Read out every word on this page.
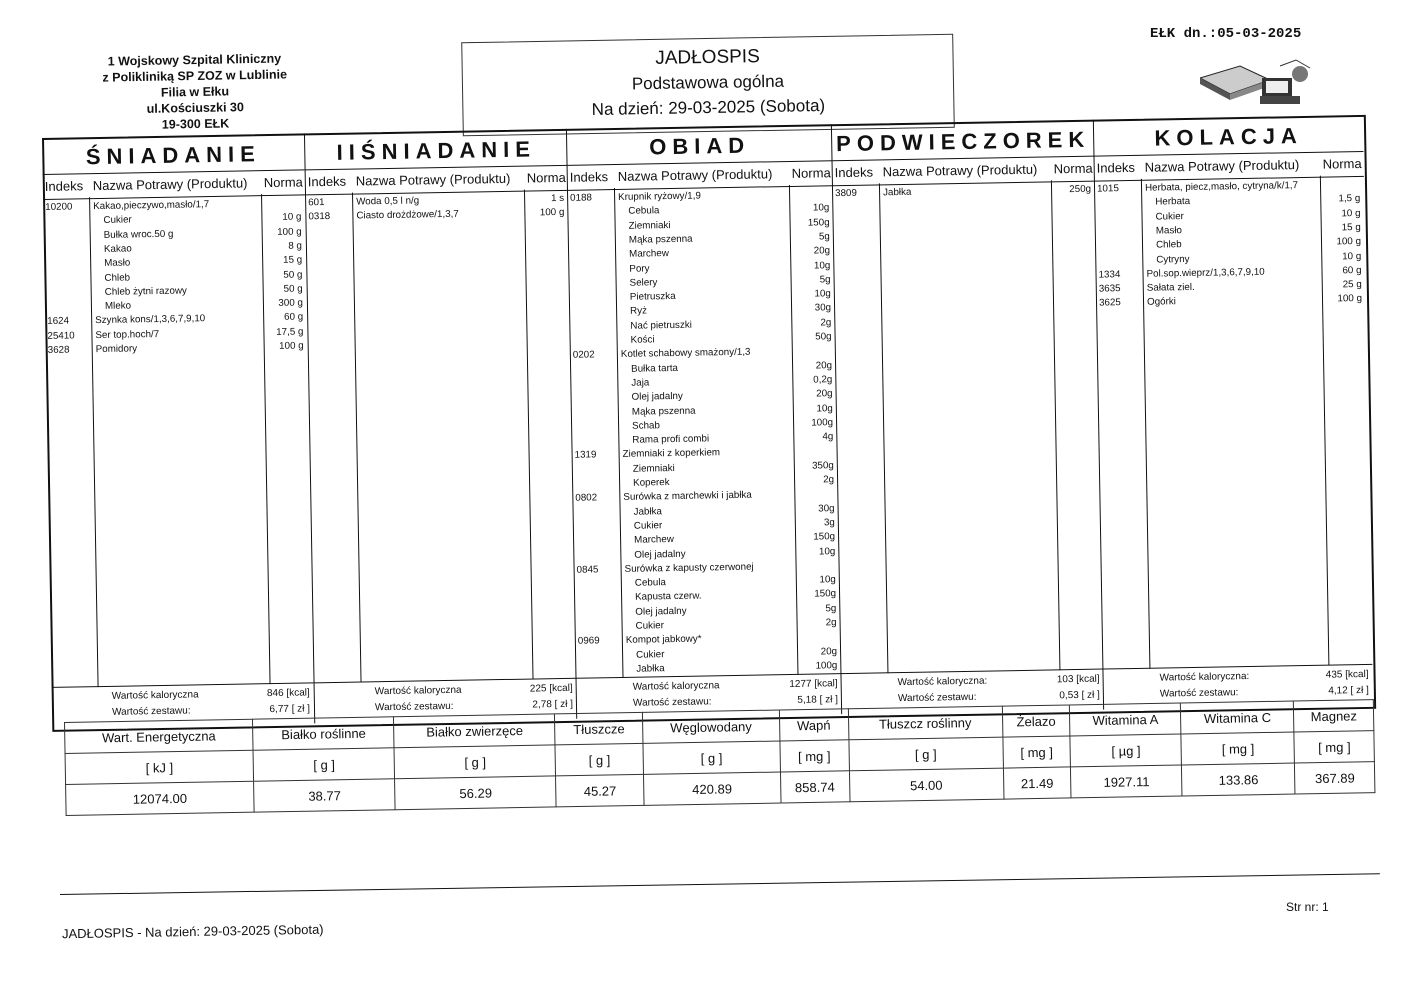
1 Wojskowy Szpital Kliniczny
z Polikliniką SP ZOZ w Lublinie
Filia w Ełku
ul.Kościuszki 30
19-300 EŁK
EŁK dn.:05-03-2025
JADŁOSPIS
Podstawowa ogólna
Na dzień: 29-03-2025 (Sobota)
ŚNIADANIE
Indeks Nazwa Potrawy (Produktu) Norma
10200 Kakao,pieczywo,masło/1,7
Cukier	10 g
Bułka wroc.50 g	100 g
Kakao	8 g
Masło	15 g
Chleb	50 g
Chleb żytni razowy	50 g
Mleko	300 g
1624	Szynka kons/1,3,6,7,9,10	60 g
25410 Ser top.hoch/7	17,5 g
3628	Pomidory	100 g
Wartość kaloryczna	846 [kcal]
Wartość zestawu:	6,77 [ zł ]
IIŚNIADANIE
Indeks Nazwa Potrawy (Produktu) Norma
601	Woda 0,5 l n/g	1 s
0318	Ciasto drożdżowe/1,3,7	100 g
Wartość kaloryczna	225 [kcal]
Wartość zestawu:	2,78 [ zł ]
OBIAD
Indeks Nazwa Potrawy (Produktu) Norma
0188	Krupnik ryżowy/1,9
Cebula	10g
Ziemniaki	150g
Mąka pszenna	5g
Marchew	20g
Pory	10g
Selery	5g
Pietruszka	10g
Ryż	30g
Nać pietruszki	2g
Kości	50g
0202	Kotlet schabowy smażony/1,3
Bułka tarta	20g
Jaja	0,2g
Olej jadalny	20g
Mąka pszenna	10g
Schab	100g
Rama profi combi	4g
1319	Ziemniaki z koperkiem
Ziemniaki	350g
Koperek	2g
0802	Surówka z marchewki i jabłka
Jabłka	30g
Cukier	3g
Marchew	150g
Olej jadalny	10g
0845	Surówka z kapusty czerwonej
Cebula	10g
Kapusta czerw.	150g
Olej jadalny	5g
Cukier	2g
0969	Kompot jabkowy*
Cukier	20g
Jabłka	100g
Wartość kaloryczna	1277 [kcal]
Wartość zestawu:	5,18 [ zł ]
PODWIECZOREK
Indeks Nazwa Potrawy (Produktu) Norma
3809	Jabłka	250g
Wartość kaloryczna:	103 [kcal]
Wartość zestawu:	0,53 [ zł ]
KOLACJA
Indeks Nazwa Potrawy (Produktu) Norma
1015	Herbata, piecz,masło, cytryna/k/1,7
Herbata	1,5 g
Cukier	10 g
Masło	15 g
Chleb	100 g
Cytryny	10 g
1334	Pol.sop.wieprz/1,3,6,7,9,10	60 g
3635	Sałata ziel.	25 g
3625	Ogórki	100 g
Wartość kaloryczna:	435 [kcal]
Wartość zestawu:	4,12 [ zł ]
Wart. Energetyczna	Białko roślinne	Białko zwierzęce	Tłuszcze	Węglowodany	Wapń	Tłuszcz roślinny	Żelazo	Witamina A	Witamina C	Magnez
[ kJ ]	[ g ]	[ g ]	[ g ]	[ g ]	[ mg ]	[ g ]	[ mg ]	[ µg ]	[ mg ]	[ mg ]
12074.00	38.77	56.29	45.27	420.89	858.74	54.00	21.49	1927.11	133.86	367.89
JADŁOSPIS - Na dzień: 29-03-2025 (Sobota)
Str nr: 1
